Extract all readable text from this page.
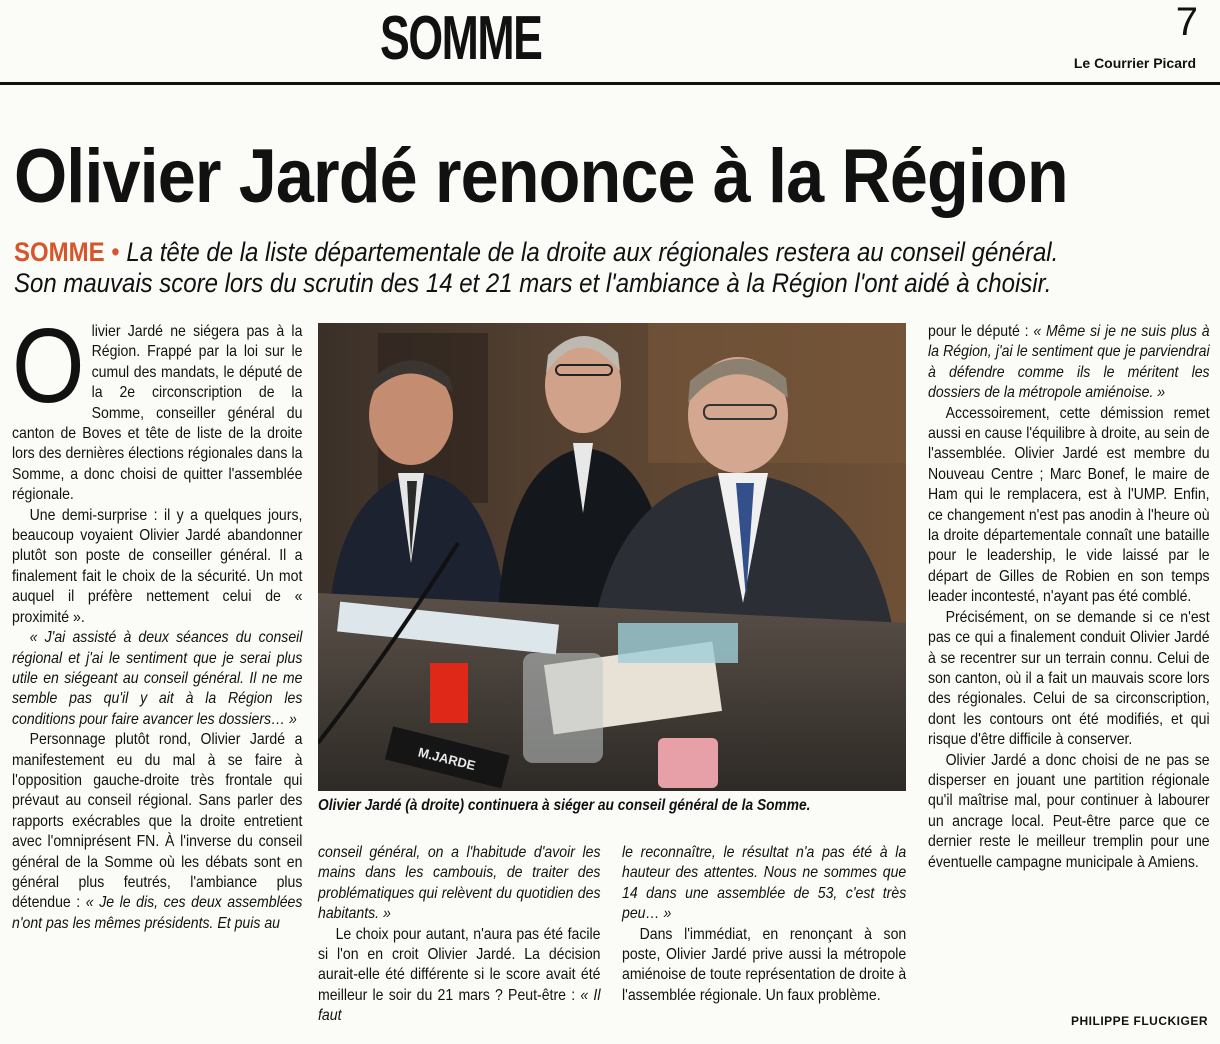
SOMME	7
Le Courrier Picard
Olivier Jardé renonce à la Région
SOMME • La tête de la liste départementale de la droite aux régionales restera au conseil général.
Son mauvais score lors du scrutin des 14 et 21 mars et l'ambiance à la Région l'ont aidé à choisir.

Olivier Jardé ne siégera pas à la Région. Frappé par la loi sur le cumul des mandats, le député de la 2e circonscription de la Somme, conseiller général du canton de Boves et tête de liste de la droite lors des dernières élections régionales dans la Somme, a donc choisi de quitter l'assemblée régionale.

Une demi-surprise : il y a quelques jours, beaucoup voyaient Olivier Jardé abandonner plutôt son poste de conseiller général. Il a finalement fait le choix de la sécurité. Un mot auquel il préfère nettement celui de « proximité ».

« J'ai assisté à deux séances du conseil régional et j'ai le sentiment que je serai plus utile en siégeant au conseil général. Il ne me semble pas qu'il y ait à la Région les conditions pour faire avancer les dossiers… »

Personnage plutôt rond, Olivier Jardé a manifestement eu du mal à se faire à l'opposition gauche-droite très frontale qui prévaut au conseil régional. Sans parler des rapports exécrables que la droite entretient avec l'omniprésent FN. À l'inverse du conseil général de la Somme où les débats sont en général plus feutrés, l'ambiance plus détendue : « Je le dis, ces deux assemblées n'ont pas les mêmes présidents. Et puis au

M.JARDE
Olivier Jardé (à droite) continuera à siéger au conseil général de la Somme.

conseil général, on a l'habitude d'avoir les mains dans les cambouis, de traiter des problématiques qui relèvent du quotidien des habitants. »

Le choix pour autant, n'aura pas été facile si l'on en croit Olivier Jardé. La décision aurait-elle été différente si le score avait été meilleur le soir du 21 mars ? Peut-être : « Il faut

le reconnaître, le résultat n'a pas été à la hauteur des attentes. Nous ne sommes que 14 dans une assemblée de 53, c'est très peu… »

Dans l'immédiat, en renonçant à son poste, Olivier Jardé prive aussi la métropole amiénoise de toute représentation de droite à l'assemblée régionale. Un faux problème.

pour le député : « Même si je ne suis plus à la Région, j'ai le sentiment que je parviendrai à défendre comme ils le méritent les dossiers de la métropole amiénoise. »

Accessoirement, cette démission remet aussi en cause l'équilibre à droite, au sein de l'assemblée. Olivier Jardé est membre du Nouveau Centre ; Marc Bonef, le maire de Ham qui le remplacera, est à l'UMP. Enfin, ce changement n'est pas anodin à l'heure où la droite départementale connaît une bataille pour le leadership, le vide laissé par le départ de Gilles de Robien en son temps leader incontesté, n'ayant pas été comblé.

Précisément, on se demande si ce n'est pas ce qui a finalement conduit Olivier Jardé à se recentrer sur un terrain connu. Celui de son canton, où il a fait un mauvais score lors des régionales. Celui de sa circonscription, dont les contours ont été modifiés, et qui risque d'être difficile à conserver.

Olivier Jardé a donc choisi de ne pas se disperser en jouant une partition régionale qu'il maîtrise mal, pour continuer à labourer un ancrage local. Peut-être parce que ce dernier reste le meilleur tremplin pour une éventuelle campagne municipale à Amiens.

PHILIPPE FLUCKIGER
